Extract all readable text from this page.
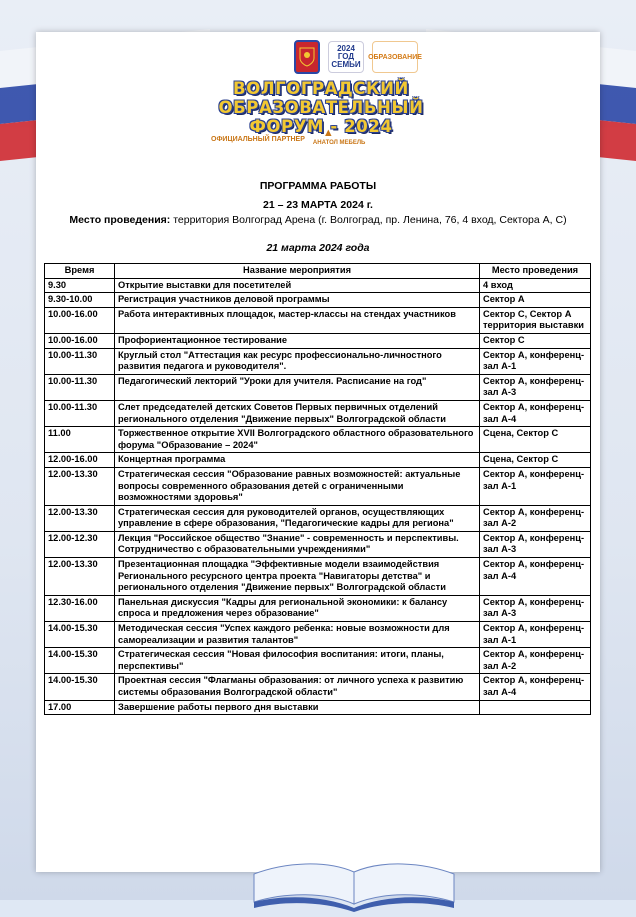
2024 ГОД СЕМЬИ
ОБРАЗОВАНИЕ
ВОЛГОГРАДСКИЙ ОБРАЗОВАТЕЛЬНЫЙ
ФОРУМ - 2024
ОФИЦИАЛЬНЫЙ ПАРТНЕР ▲ АНАТОЛ МЕБЕЛЬ
ПРОГРАММА РАБОТЫ
21 – 23 МАРТА 2024 г.
Место проведения: территория Волгоград Арена (г. Волгоград, пр. Ленина, 76, 4 вход, Сектора А, С)
21 марта 2024 года
Время	Название мероприятия	Место проведения
9.30	Открытие выставки для посетителей	4 вход
9.30-10.00	Регистрация участников деловой программы	Сектор А
10.00-16.00	Работа интерактивных площадок, мастер-классы на стендах участников	Сектор С, Сектор А территория выставки
10.00-16.00	Профориентационное тестирование	Сектор С
10.00-11.30	Круглый стол "Аттестация как ресурс профессионально-личностного развития педагога и руководителя".	Сектор А, конференц-зал А-1
10.00-11.30	Педагогический лекторий "Уроки для учителя. Расписание на год"	Сектор А, конференц-зал А-3
10.00-11.30	Слет председателей детских Советов Первых первичных отделений регионального отделения "Движение первых" Волгоградской области	Сектор А, конференц-зал А-4
11.00	Торжественное открытие XVII Волгоградского областного образовательного форума "Образование – 2024"	Сцена, Сектор С
12.00-16.00	Концертная программа	Сцена, Сектор С
12.00-13.30	Стратегическая сессия "Образование равных возможностей: актуальные вопросы современного образования детей с ограниченными возможностями здоровья"	Сектор А, конференц-зал А-1
12.00-13.30	Стратегическая сессия для руководителей органов, осуществляющих управление в сфере образования, "Педагогические кадры для региона"	Сектор А, конференц-зал А-2
12.00-12.30	Лекция "Российское общество "Знание" - современность и перспективы. Сотрудничество с образовательными учреждениями"	Сектор А, конференц-зал А-3
12.00-13.30	Презентационная площадка "Эффективные модели взаимодействия Регионального ресурсного центра проекта "Навигаторы детства" и регионального отделения "Движение первых" Волгоградской области	Сектор А, конференц-зал А-4
12.30-16.00	Панельная дискуссия "Кадры для региональной экономики: к балансу спроса и предложения через образование"	Сектор А, конференц-зал А-3
14.00-15.30	Методическая сессия "Успех каждого ребенка: новые возможности для самореализации и развития талантов"	Сектор А, конференц-зал А-1
14.00-15.30	Стратегическая сессия "Новая философия воспитания: итоги, планы, перспективы"	Сектор А, конференц-зал А-2
14.00-15.30	Проектная сессия "Флагманы образования: от личного успеха к развитию системы образования Волгоградской области"	Сектор А, конференц-зал А-4
17.00	Завершение работы первого дня выставки	
